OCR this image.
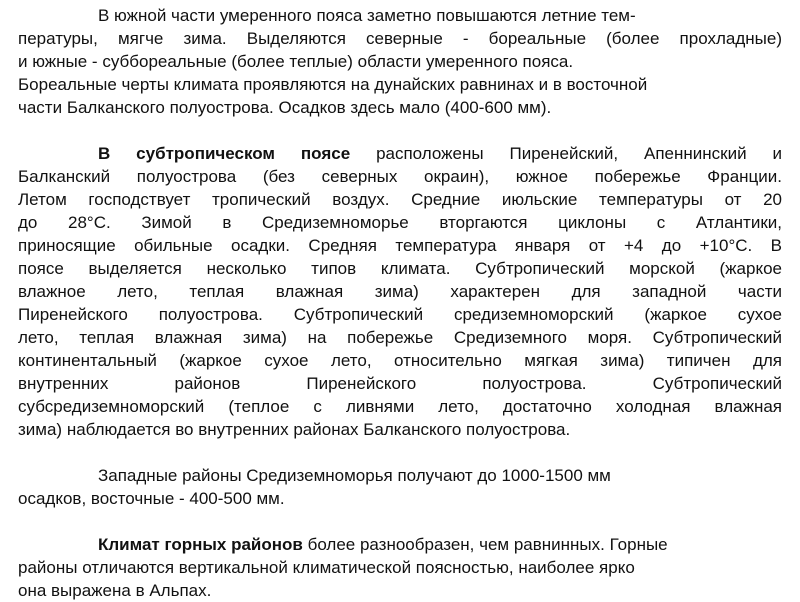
В южной части умеренного пояса заметно повышаются летние тем-
пературы, мягче зима. Выделяются северные - бореальные (более прохладные)
и южные - суббореальные (более теплые) области умеренного пояса.
Бореальные черты климата проявляются на дунайских равнинах и в восточной
части Балканского полуострова. Осадков здесь мало (400-600 мм).

В субтропическом поясе расположены Пиренейский, Апеннинский и
Балканский полуострова (без северных окраин), южное побережье Франции.
Летом господствует тропический воздух. Средние июльские температуры от 20
до 28°С. Зимой в Средиземноморье вторгаются циклоны с Атлантики,
приносящие обильные осадки. Средняя температура января от +4 до +10°С. В
поясе выделяется несколько типов климата. Субтропический морской (жаркое
влажное лето, теплая влажная зима) характерен для западной части
Пиренейского полуострова. Субтропический средиземноморский (жаркое сухое
лето, теплая влажная зима) на побережье Средиземного моря. Субтропический
континентальный (жаркое сухое лето, относительно мягкая зима) типичен для
внутренних районов Пиренейского полуострова. Субтропический
субсредиземноморский (теплое с ливнями лето, достаточно холодная влажная
зима) наблюдается во внутренних районах Балканского полуострова.

Западные районы Средиземноморья получают до 1000-1500 мм
осадков, восточные - 400-500 мм.

Климат горных районов более разнообразен, чем равнинных. Горные
районы отличаются вертикальной климатической поясностью, наиболее ярко
она выражена в Альпах.
